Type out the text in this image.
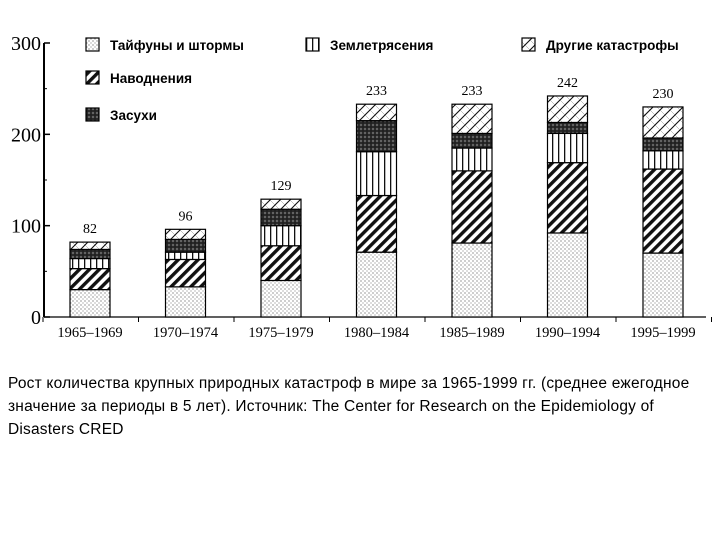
0
100
200
300
82
1965–1969
96
1970–1974
129
1975–1979
233
1980–1984
233
1985–1989
242
1990–1994
230
1995–1999
Тайфуны и штормы
Наводнения
Землетрясения
Засухи
Другие катастрофы
Рост количества крупных природных катастроф в мире за 1965-1999 гг. (среднее ежегодное значение за периоды в 5 лет). Источник: The Center for Research on the Epidemiology of Disasters CRED
